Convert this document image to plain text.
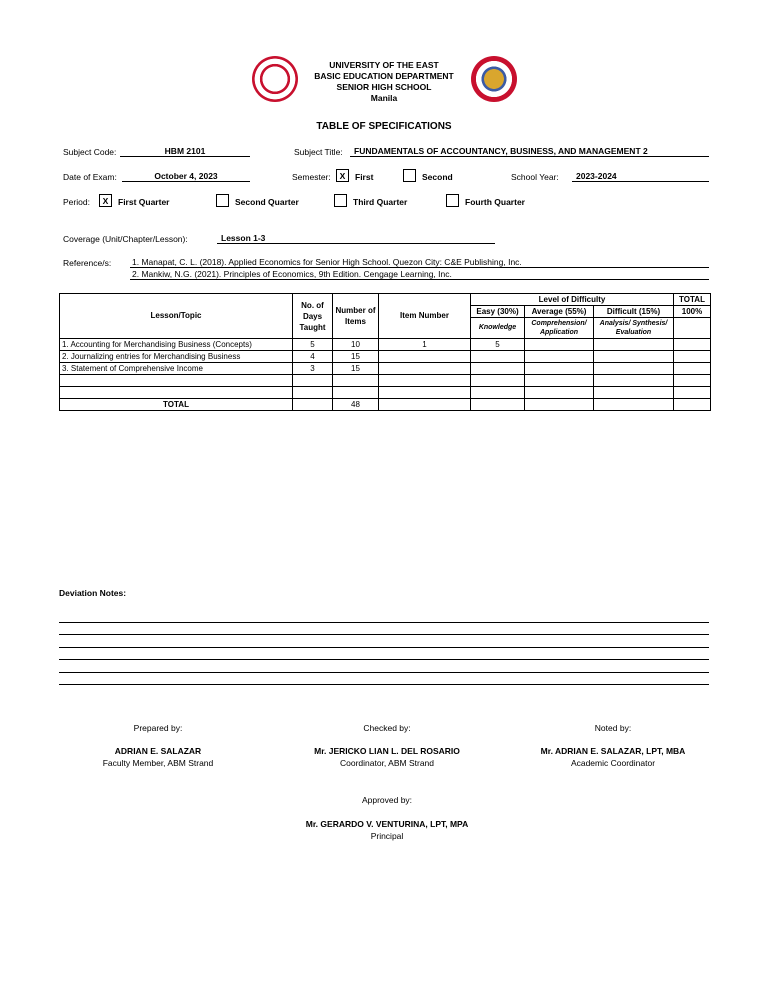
UNIVERSITY OF THE EAST
BASIC EDUCATION DEPARTMENT
SENIOR HIGH SCHOOL
Manila
TABLE OF SPECIFICATIONS
Subject Code:	HBM 2101	Subject Title:	FUNDAMENTALS OF ACCOUNTANCY, BUSINESS, AND MANAGEMENT 2
Date of Exam:	October 4, 2023	Semester:	X	First	Second	School Year:	2023-2024
Period:	X	First Quarter	Second Quarter	Third Quarter	Fourth Quarter
Coverage (Unit/Chapter/Lesson):	Lesson 1-3
Reference/s: 1. Manapat, C. L. (2018). Applied Economics for Senior High School. Quezon City: C&E Publishing, Inc.
2. Mankiw, N.G. (2021). Principles of Economics, 9th Edition. Cengage Learning, Inc.
Lesson/Topic	No. of Days Taught	Number of Items	Item Number	Level of Difficulty			TOTAL
				Easy (30%)	Average (55%)	Difficult (15%)	100%
				Knowledge	Comprehension/ Application	Analysis/ Synthesis/ Evaluation	
1. Accounting for Merchandising Business (Concepts)	5	10	1	5			
2. Journalizing entries for Merchandising Business	4	15					
3. Statement of Comprehensive Income	3	15					

TOTAL		48					
Deviation Notes:
Prepared by:
ADRIAN E. SALAZAR
Faculty Member, ABM Strand
Checked by:
Mr. JERICKO LIAN L. DEL ROSARIO
Coordinator, ABM Strand
Noted by:
Mr. ADRIAN E. SALAZAR, LPT, MBA
Academic Coordinator
Approved by:
Mr. GERARDO V. VENTURINA, LPT, MPA
Principal
